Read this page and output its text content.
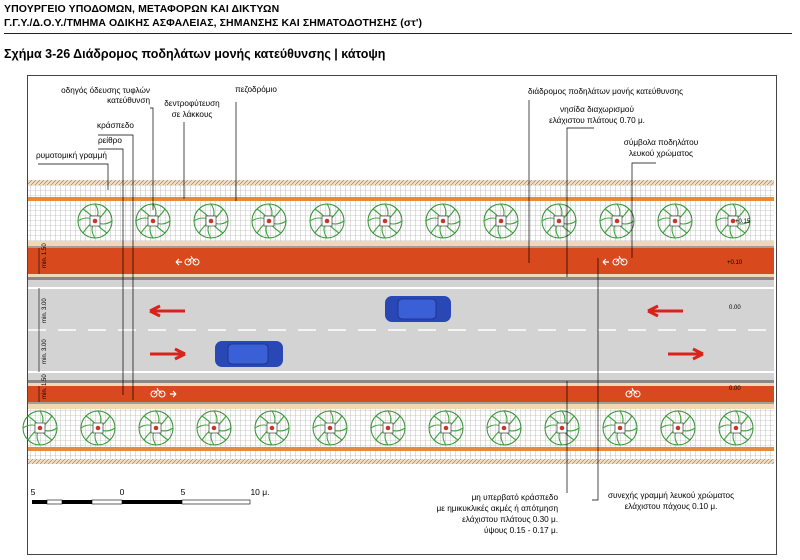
ΥΠΟΥΡΓΕΙΟ ΥΠΟΔΟΜΩΝ, ΜΕΤΑΦΟΡΩΝ ΚΑΙ ΔΙΚΤΥΩΝ
Γ.Γ.Υ./Δ.Ο.Υ./ΤΜΗΜΑ ΟΔΙΚΗΣ ΑΣΦΑΛΕΙΑΣ, ΣΗΜΑΝΣΗΣ ΚΑΙ ΣΗΜΑΤΟΔΟΤΗΣΗΣ (στ')
Σχήμα 3-26 Διάδρομος ποδηλάτων μονής κατεύθυνσης | κάτοψη
οδηγός όδευσης τυφλών
κατεύθυνση
πεζοδρόμιο
δεντροφύτευση
σε λάκκους
κράσπεδο
ρείθρο
ρυμοτομική γραμμή
διάδρομος ποδηλάτων μονής κατεύθυνσης
νησίδα διαχωρισμού
ελάχιστου πλάτους 0.70 μ.
σύμβολα ποδηλάτου
λευκού χρώματος
μη υπερβατό κράσπεδο
με ημικυκλικές ακμές ή απότμηση
ελάχιστου πλάτους 0.30 μ.
ύψους 0.15 - 0.17 μ.
συνεχής γραμμή λευκού χρώματος
ελάχιστου πάχους 0.10 μ.
min. 1.50
min. 3.00
min. 3.00
min. 1.50
+0.15
+0.10
0.00
0.00
5	0	5	10 μ.
